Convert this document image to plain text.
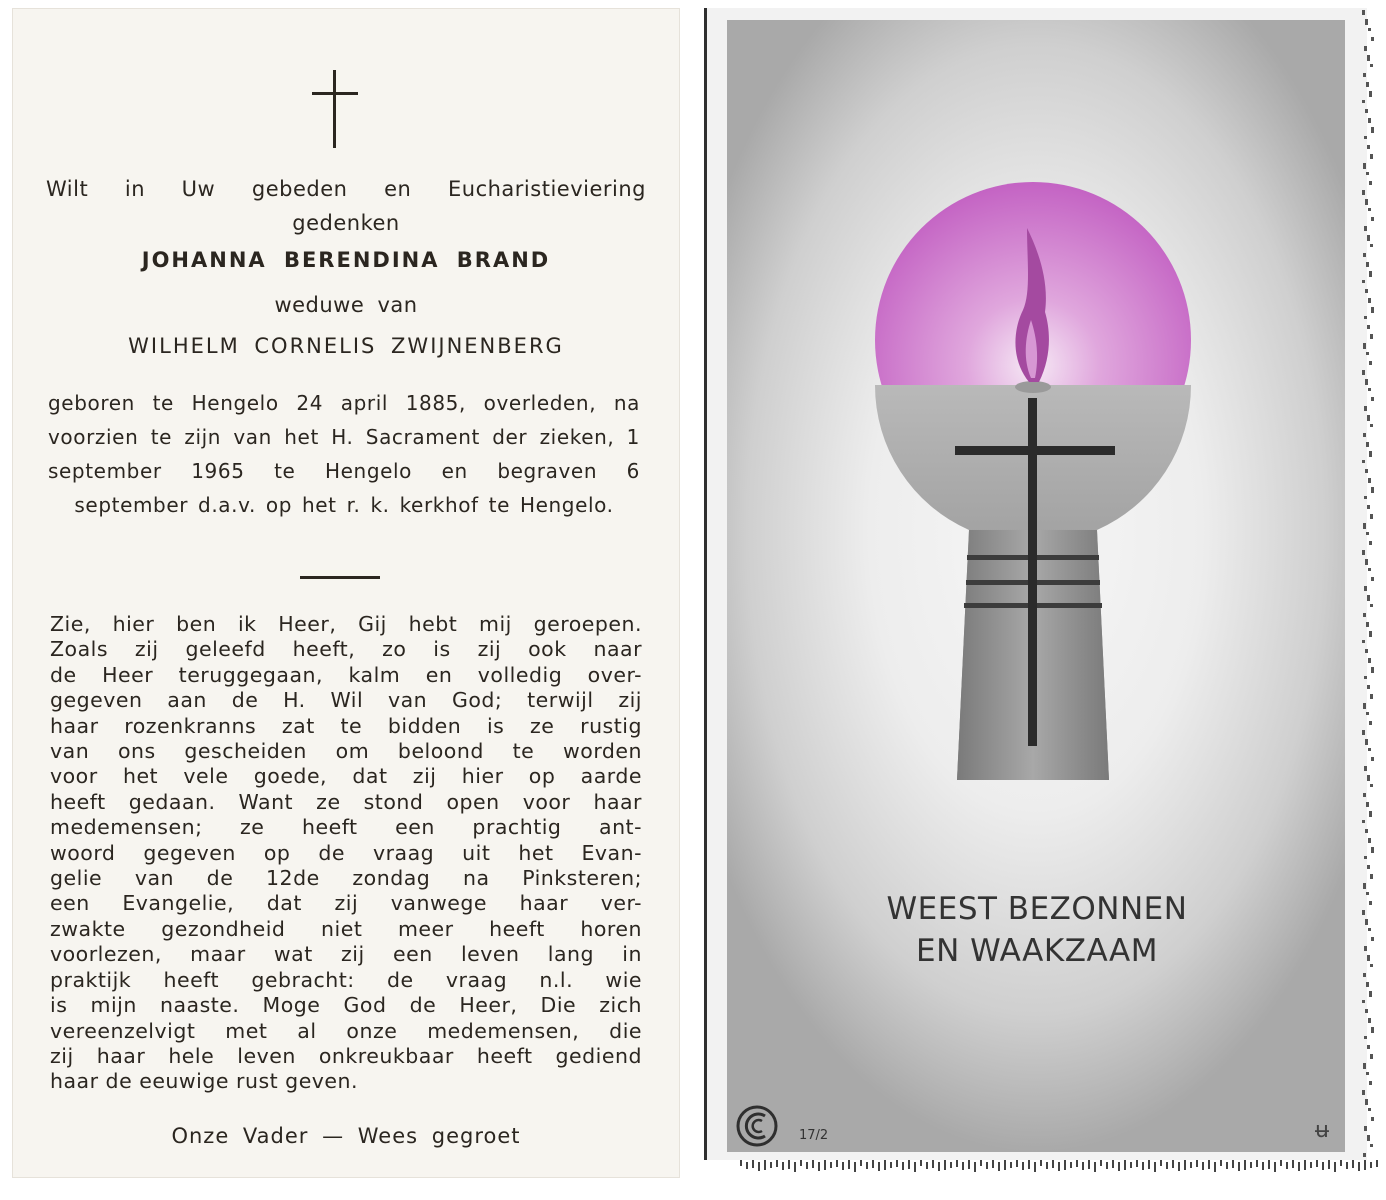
Wilt in Uw gebeden en Eucharistieviering gedenken
JOHANNA BERENDINA BRAND
weduwe van
WILHELM CORNELIS ZWIJNENBERG
geboren te Hengelo 24 april 1885, overleden, na voorzien te zijn van het H. Sacrament der zieken, 1 september 1965 te Hengelo en begraven 6 september d.a.v. op het r. k. kerkhof te Hengelo.
Zie, hier ben ik Heer, Gij hebt mij geroepen.
Zoals zij geleefd heeft, zo is zij ook naar
de Heer teruggegaan, kalm en volledig over-
gegeven aan de H. Wil van God; terwijl zij
haar rozenkranns zat te bidden is ze rustig
van ons gescheiden om beloond te worden
voor het vele goede, dat zij hier op aarde
heeft gedaan. Want ze stond open voor haar
medemensen; ze heeft een prachtig ant-
woord gegeven op de vraag uit het Evan-
gelie van de 12de zondag na Pinksteren;
een Evangelie, dat zij vanwege haar ver-
zwakte gezondheid niet meer heeft horen
voorlezen, maar wat zij een leven lang in
praktijk heeft gebracht: de vraag n.l. wie
is mijn naaste. Moge God de Heer, Die zich
vereenzelvigt met al onze medemensen, die
zij haar hele leven onkreukbaar heeft gediend
haar de eeuwige rust geven.
Onze Vader — Wees gegroet
WEEST BEZONNEN
EN WAAKZAAM
17/2	ʉ
